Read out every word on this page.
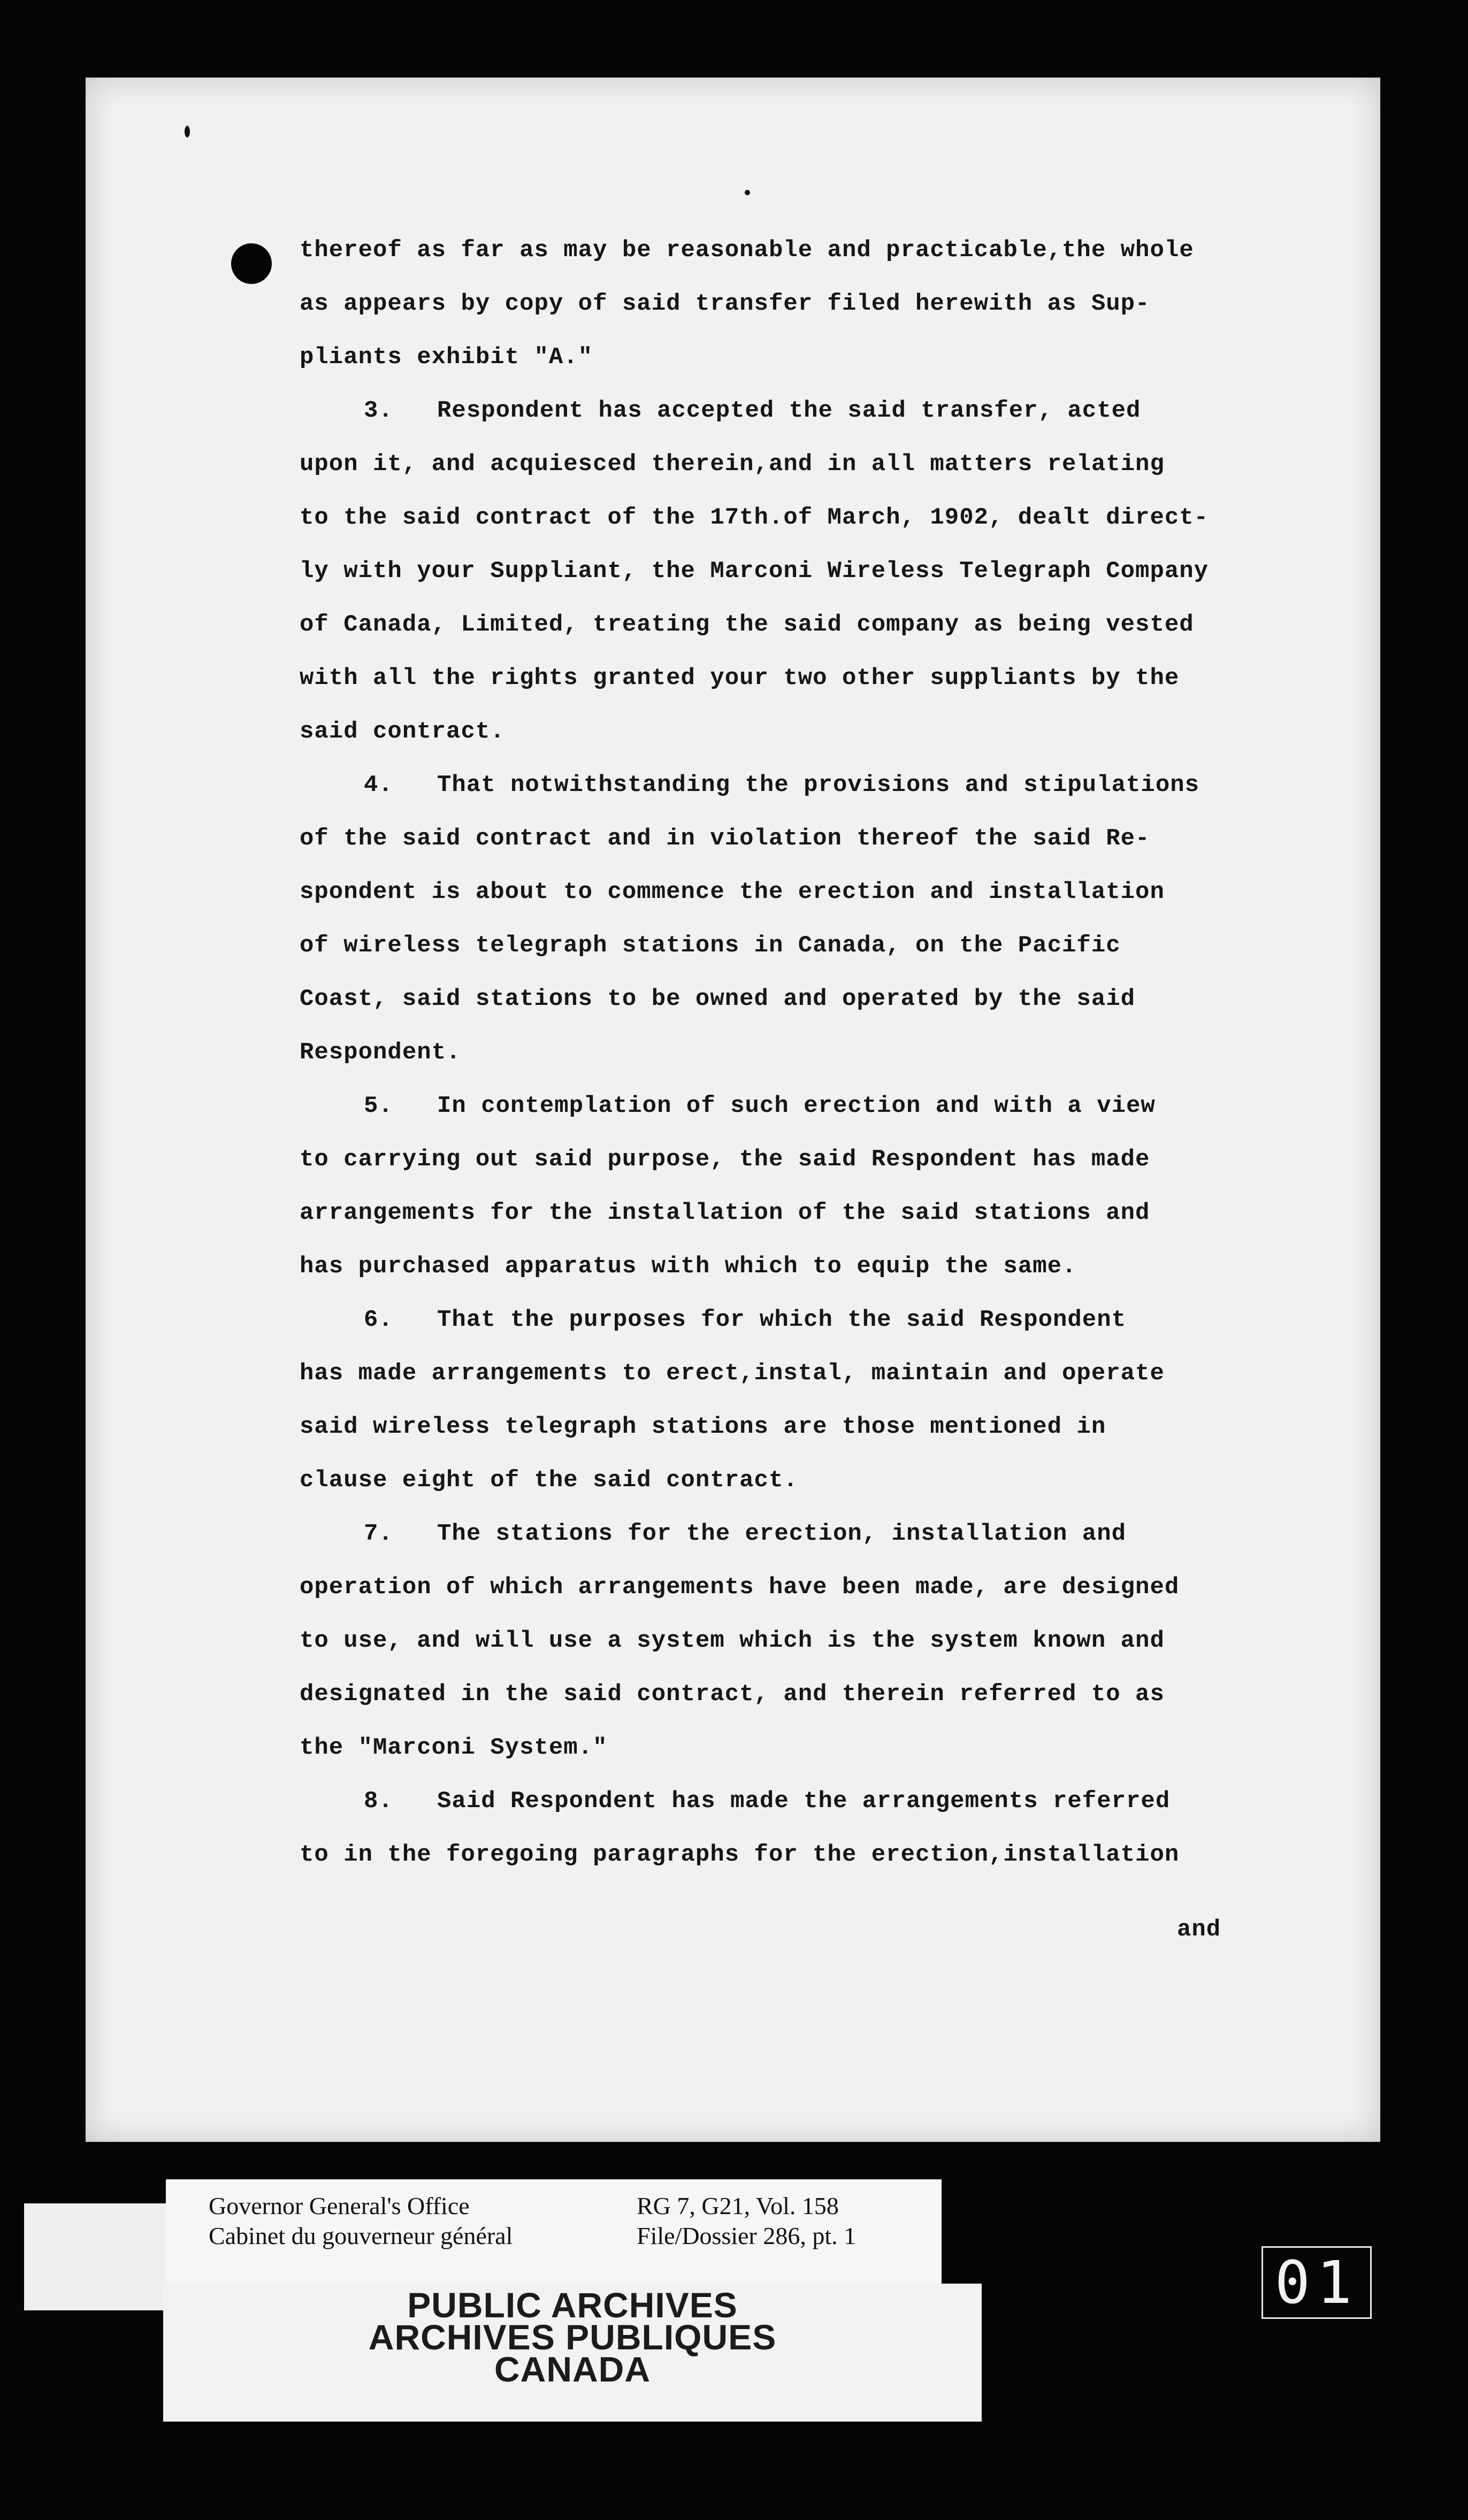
thereof as far as may be reasonable and practicable,the whole
as appears by copy of said transfer filed herewith as Sup-
pliants exhibit "A."
3.   Respondent has accepted the said transfer, acted
upon it, and acquiesced therein,and in all matters relating
to the said contract of the 17th.of March, 1902, dealt direct-
ly with your Suppliant, the Marconi Wireless Telegraph Company
of Canada, Limited, treating the said company as being vested
with all the rights granted your two other suppliants by the
said contract.
4.   That notwithstanding the provisions and stipulations
of the said contract and in violation thereof the said Re-
spondent is about to commence the erection and installation
of wireless telegraph stations in Canada, on the Pacific
Coast, said stations to be owned and operated by the said
Respondent.
5.   In contemplation of such erection and with a view
to carrying out said purpose, the said Respondent has made
arrangements for the installation of the said stations and
has purchased apparatus with which to equip the same.
6.   That the purposes for which the said Respondent
has made arrangements to erect,instal, maintain and operate
said wireless telegraph stations are those mentioned in
clause eight of the said contract.
7.   The stations for the erection, installation and
operation of which arrangements have been made, are designed
to use, and will use a system which is the system known and
designated in the said contract, and therein referred to as
the "Marconi System."
8.   Said Respondent has made the arrangements referred
to in the foregoing paragraphs for the erection,installation
and
Governor General's Office
Cabinet du gouverneur général
RG 7, G21, Vol. 158
File/Dossier 286, pt. 1
PUBLIC ARCHIVES
ARCHIVES PUBLIQUES
CANADA
01
